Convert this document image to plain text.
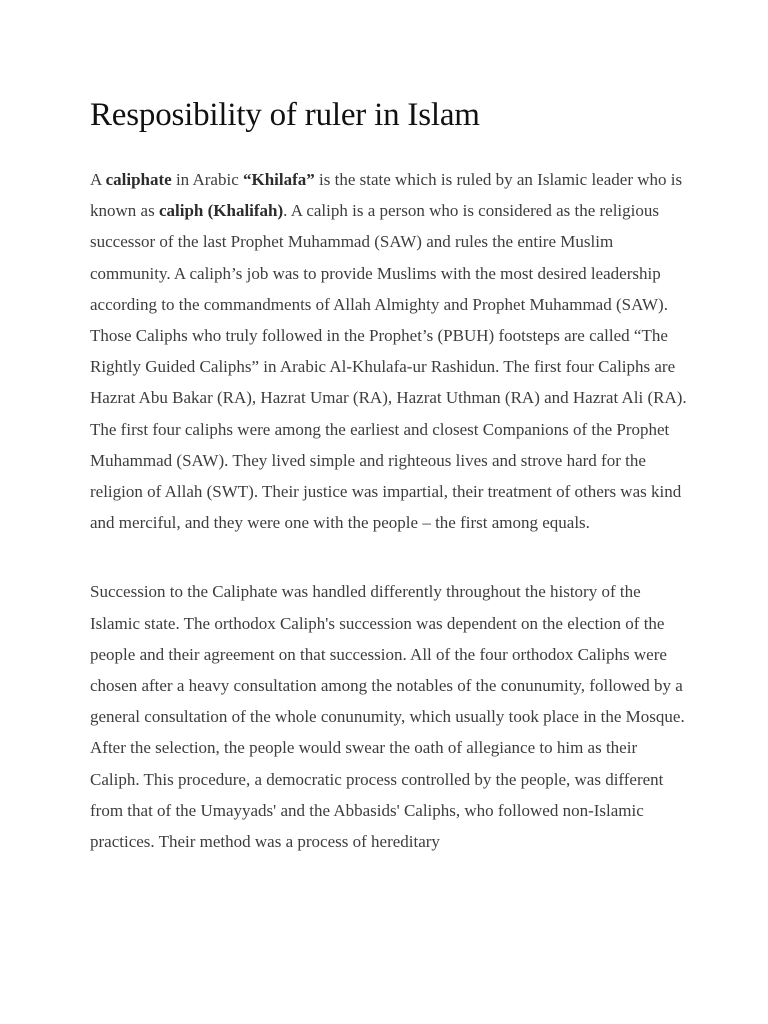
Resposibility of ruler in Islam

A caliphate in Arabic “Khilafa” is the state which is ruled by an Islamic leader who is known as caliph (Khalifah). A caliph is a person who is considered as the religious successor of the last Prophet Muhammad (SAW) and rules the entire Muslim community. A caliph’s job was to provide Muslims with the most desired leadership according to the commandments of Allah Almighty and Prophet Muhammad (SAW). Those Caliphs who truly followed in the Prophet’s (PBUH) footsteps are called “The Rightly Guided Caliphs” in Arabic Al-Khulafa-ur Rashidun. The first four Caliphs are Hazrat Abu Bakar (RA), Hazrat Umar (RA), Hazrat Uthman (RA) and Hazrat Ali (RA). The first four caliphs were among the earliest and closest Companions of the Prophet Muhammad (SAW). They lived simple and righteous lives and strove hard for the religion of Allah (SWT). Their justice was impartial, their treatment of others was kind and merciful, and they were one with the people – the first among equals.

Succession to the Caliphate was handled differently throughout the history of the Islamic state. The orthodox Caliph's succession was dependent on the election of the people and their agreement on that succession. All of the four orthodox Caliphs were chosen after a heavy consultation among the notables of the conunumity, followed by a general consultation of the whole conunumity, which usually took place in the Mosque. After the selection, the people would swear the oath of allegiance to him as their Caliph. This procedure, a democratic process controlled by the people, was different from that of the Umayyads' and the Abbasids' Caliphs, who followed non-Islamic practices. Their method was a process of hereditary
